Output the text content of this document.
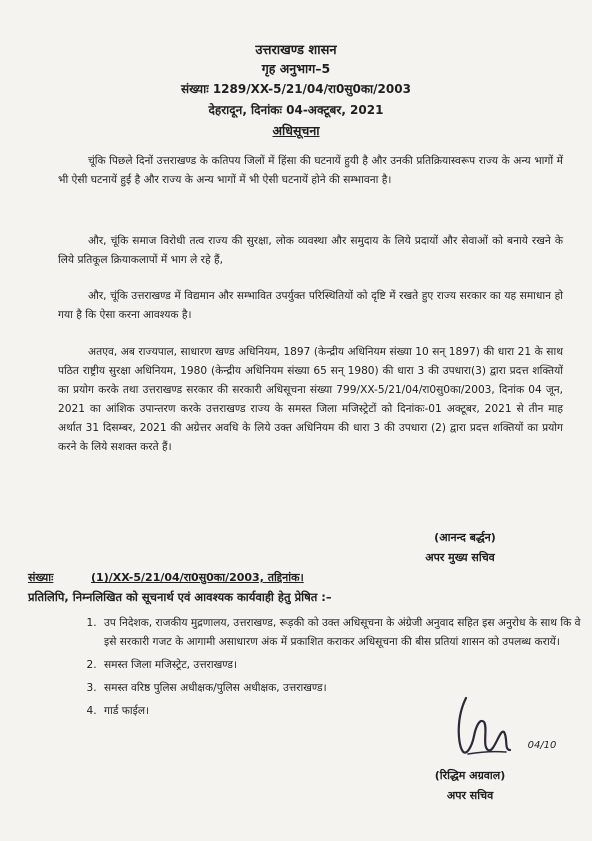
उत्तराखण्ड शासन
गृह अनुभाग–5
संख्याः 1289/XX-5/21/04/रा0सु0का/2003
देहरादून, दिनांकः 04-अक्टूबर, 2021
अधिसूचना

चूंकि पिछले दिनों उत्तराखण्ड के कतिपय जिलों में हिंसा की घटनायें हुयी है और उनकी प्रतिक्रियास्वरूप राज्य के अन्य भागों में भी ऐसी घटनायें हुई है और राज्य के अन्य भागों में भी ऐसी घटनायें होने की सम्भावना है।

और, चूंकि समाज विरोधी तत्व राज्य की सुरक्षा, लोक व्यवस्था और समुदाय के लिये प्रदायों और सेवाओं को बनाये रखने के लिये प्रतिकूल क्रियाकलापों में भाग ले रहे हैं,

और, चूंकि उत्तराखण्ड में विद्यमान और सम्भावित उपर्युक्त परिस्थितियों को दृष्टि में रखते हुए राज्य सरकार का यह समाधान हो गया है कि ऐसा करना आवश्यक है।

अतएव, अब राज्यपाल, साधारण खण्ड अधिनियम, 1897 (केन्द्रीय अधिनियम संख्या 10 सन् 1897) की धारा 21 के साथ पठित राष्ट्रीय सुरक्षा अधिनियम, 1980 (केन्द्रीय अधिनियम संख्या 65 सन् 1980) की धारा 3 की उपधारा(3) द्वारा प्रदत्त शक्तियों का प्रयोग करके तथा उत्तराखण्ड सरकार की सरकारी अधिसूचना संख्या 799/XX-5/21/04/रा0सु0का/2003, दिनांक 04 जून, 2021 का आंशिक उपान्तरण करके उत्तराखण्ड राज्य के समस्त जिला मजिस्ट्रेटों को दिनांकः-01 अक्टूबर, 2021 से तीन माह अर्थात 31 दिसम्बर, 2021 की अग्रेत्तर अवधि के लिये उक्त अधिनियम की धारा 3 की उपधारा (2) द्वारा प्रदत्त शक्तियों का प्रयोग करने के लिये सशक्त करते हैं।

(आनन्द बर्द्धन)
अपर मुख्य सचिव
संख्याः	(1)/XX-5/21/04/रा0सु0का/2003, तद्दिनांक।
प्रतिलिपि, निम्नलिखित को सूचनार्थ एवं आवश्यक कार्यवाही हेतु प्रेषित :–
1. उप निदेशक, राजकीय मुद्रणालय, उत्तराखण्ड, रूड़की को उक्त अधिसूचना के अंग्रेजी अनुवाद सहित इस अनुरोध के साथ कि वे इसे सरकारी गजट के आगामी असाधारण अंक में प्रकाशित कराकर अधिसूचना की बीस प्रतियां शासन को उपलब्ध करायें।
2. समस्त जिला मजिस्ट्रेट, उत्तराखण्ड।
3. समस्त वरिष्ठ पुलिस अधीक्षक/पुलिस अधीक्षक, उत्तराखण्ड।
4. गार्ड फाईल।
04/10
(रिद्धिम अग्रवाल)
अपर सचिव
